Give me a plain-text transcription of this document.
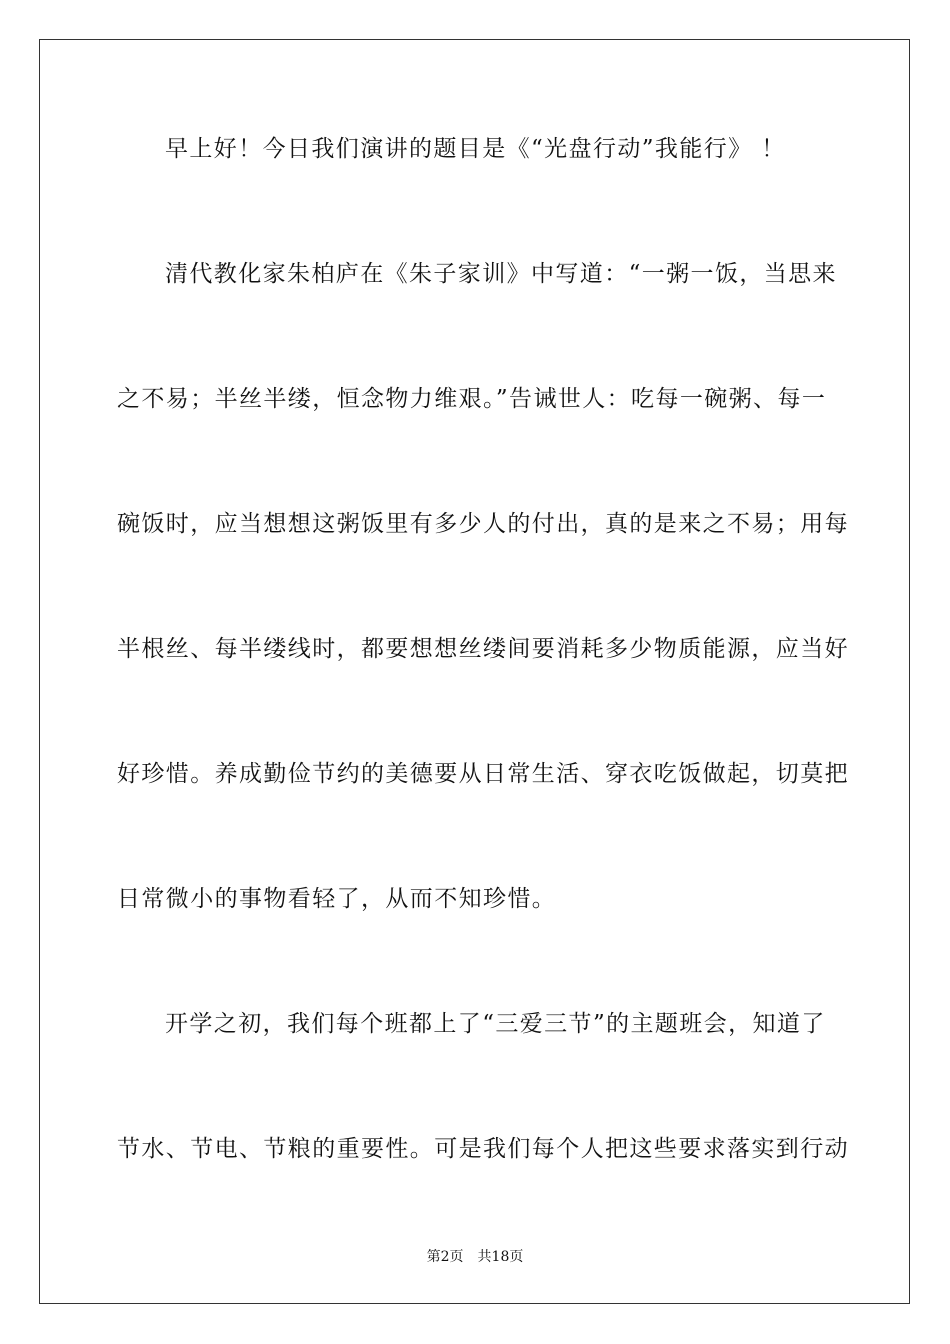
早上好！今日我们演讲的题目是《“光盘行动”我能行》 ！
清代教化家朱柏庐在《朱子家训》中写道：“一粥一饭，当思来
之不易；半丝半缕，恒念物力维艰。”告诫世人：吃每一碗粥、每一
碗饭时，应当想想这粥饭里有多少人的付出，真的是来之不易；用每
半根丝、每半缕线时，都要想想丝缕间要消耗多少物质能源，应当好
好珍惜。养成勤俭节约的美德要从日常生活、穿衣吃饭做起，切莫把
日常微小的事物看轻了，从而不知珍惜。
开学之初，我们每个班都上了“三爱三节”的主题班会，知道了
节水、节电、节粮的重要性。可是我们每个人把这些要求落实到行动
第2页 共18页
